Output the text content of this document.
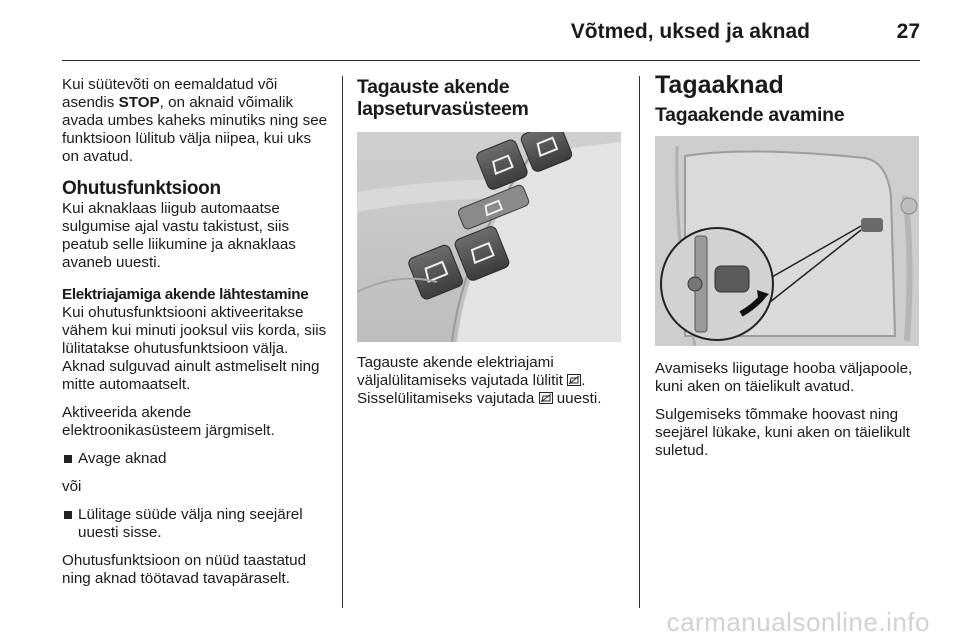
Võtmed, uksed ja aknad	27

Kui süütevõti on eemaldatud või asendis STOP, on aknaid võimalik avada umbes kaheks minutiks ning see funktsioon lülitub välja niipea, kui uks on avatud.

Ohutusfunktsioon

Kui aknaklaas liigub automaatse sulgumise ajal vastu takistust, siis peatub selle liikumine ja aknaklaas avaneb uuesti.

Elektriajamiga akende lähtestamine

Kui ohutusfunktsiooni aktiveeritakse vähem kui minuti jooksul viis korda, siis lülitatakse ohutusfunktsioon välja. Aknad sulguvad ainult astmeliselt ning mitte automaatselt.

Aktiveerida akende elektroonikasüsteem järgmiselt.

Avage aknad

või

Lülitage süüde välja ning seejärel uuesti sisse.

Ohutusfunktsioon on nüüd taastatud ning aknad töötavad tavapäraselt.

Tagauste akende
lapseturvasüsteem

Tagauste akende elektriajami
väljalülitamiseks vajutada lülitit .
Sisselülitamiseks vajutada  uuesti.

Tagaaknad
Tagaakende avamine

Avamiseks liigutage hooba väljapoole, kuni aken on täielikult avatud.

Sulgemiseks tõmmake hoovast ning seejärel lükake, kuni aken on täielikult suletud.

carmanualsonline.info
